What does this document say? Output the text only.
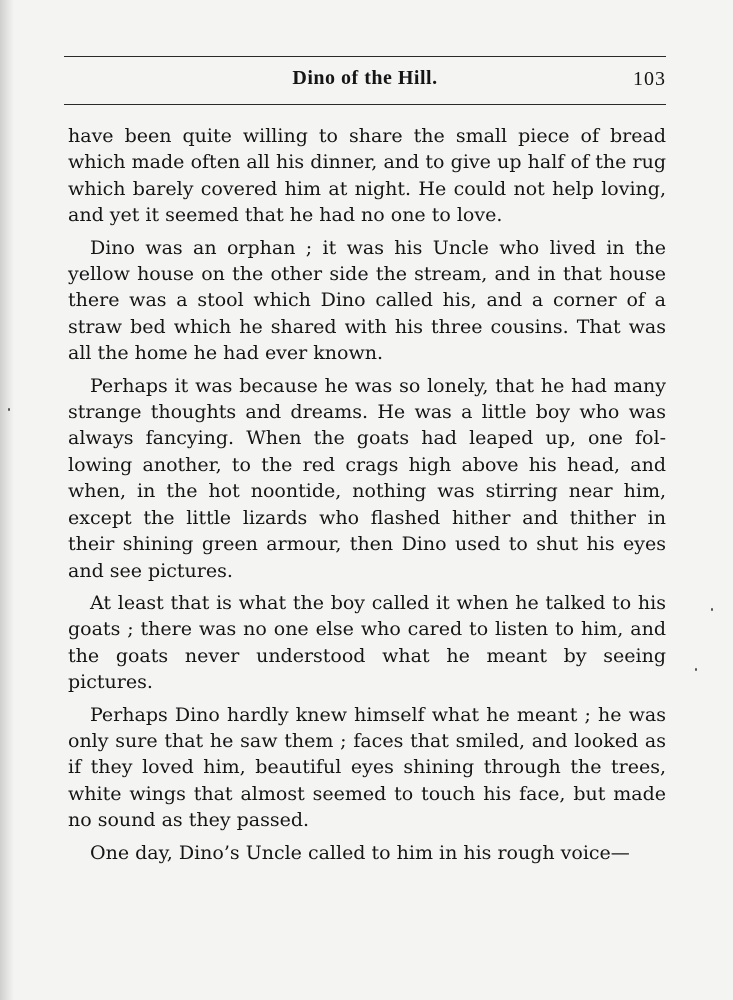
Dino of the Hill.	103

have been quite willing to share the small piece of bread which made often all his dinner, and to give up half of the rug which barely covered him at night. He could not help loving, and yet it seemed that he had no one to love.

Dino was an orphan ; it was his Uncle who lived in the yellow house on the other side the stream, and in that house there was a stool which Dino called his, and a corner of a straw bed which he shared with his three cousins. That was all the home he had ever known.

Perhaps it was because he was so lonely, that he had many strange thoughts and dreams. He was a little boy who was always fancying. When the goats had leaped up, one following another, to the red crags high above his head, and when, in the hot noontide, nothing was stirring near him, except the little lizards who flashed hither and thither in their shining green armour, then Dino used to shut his eyes and see pictures.

At least that is what the boy called it when he talked to his goats ; there was no one else who cared to listen to him, and the goats never understood what he meant by seeing pictures.

Perhaps Dino hardly knew himself what he meant ; he was only sure that he saw them ; faces that smiled, and looked as if they loved him, beautiful eyes shining through the trees, white wings that almost seemed to touch his face, but made no sound as they passed.

One day, Dino’s Uncle called to him in his rough voice—
